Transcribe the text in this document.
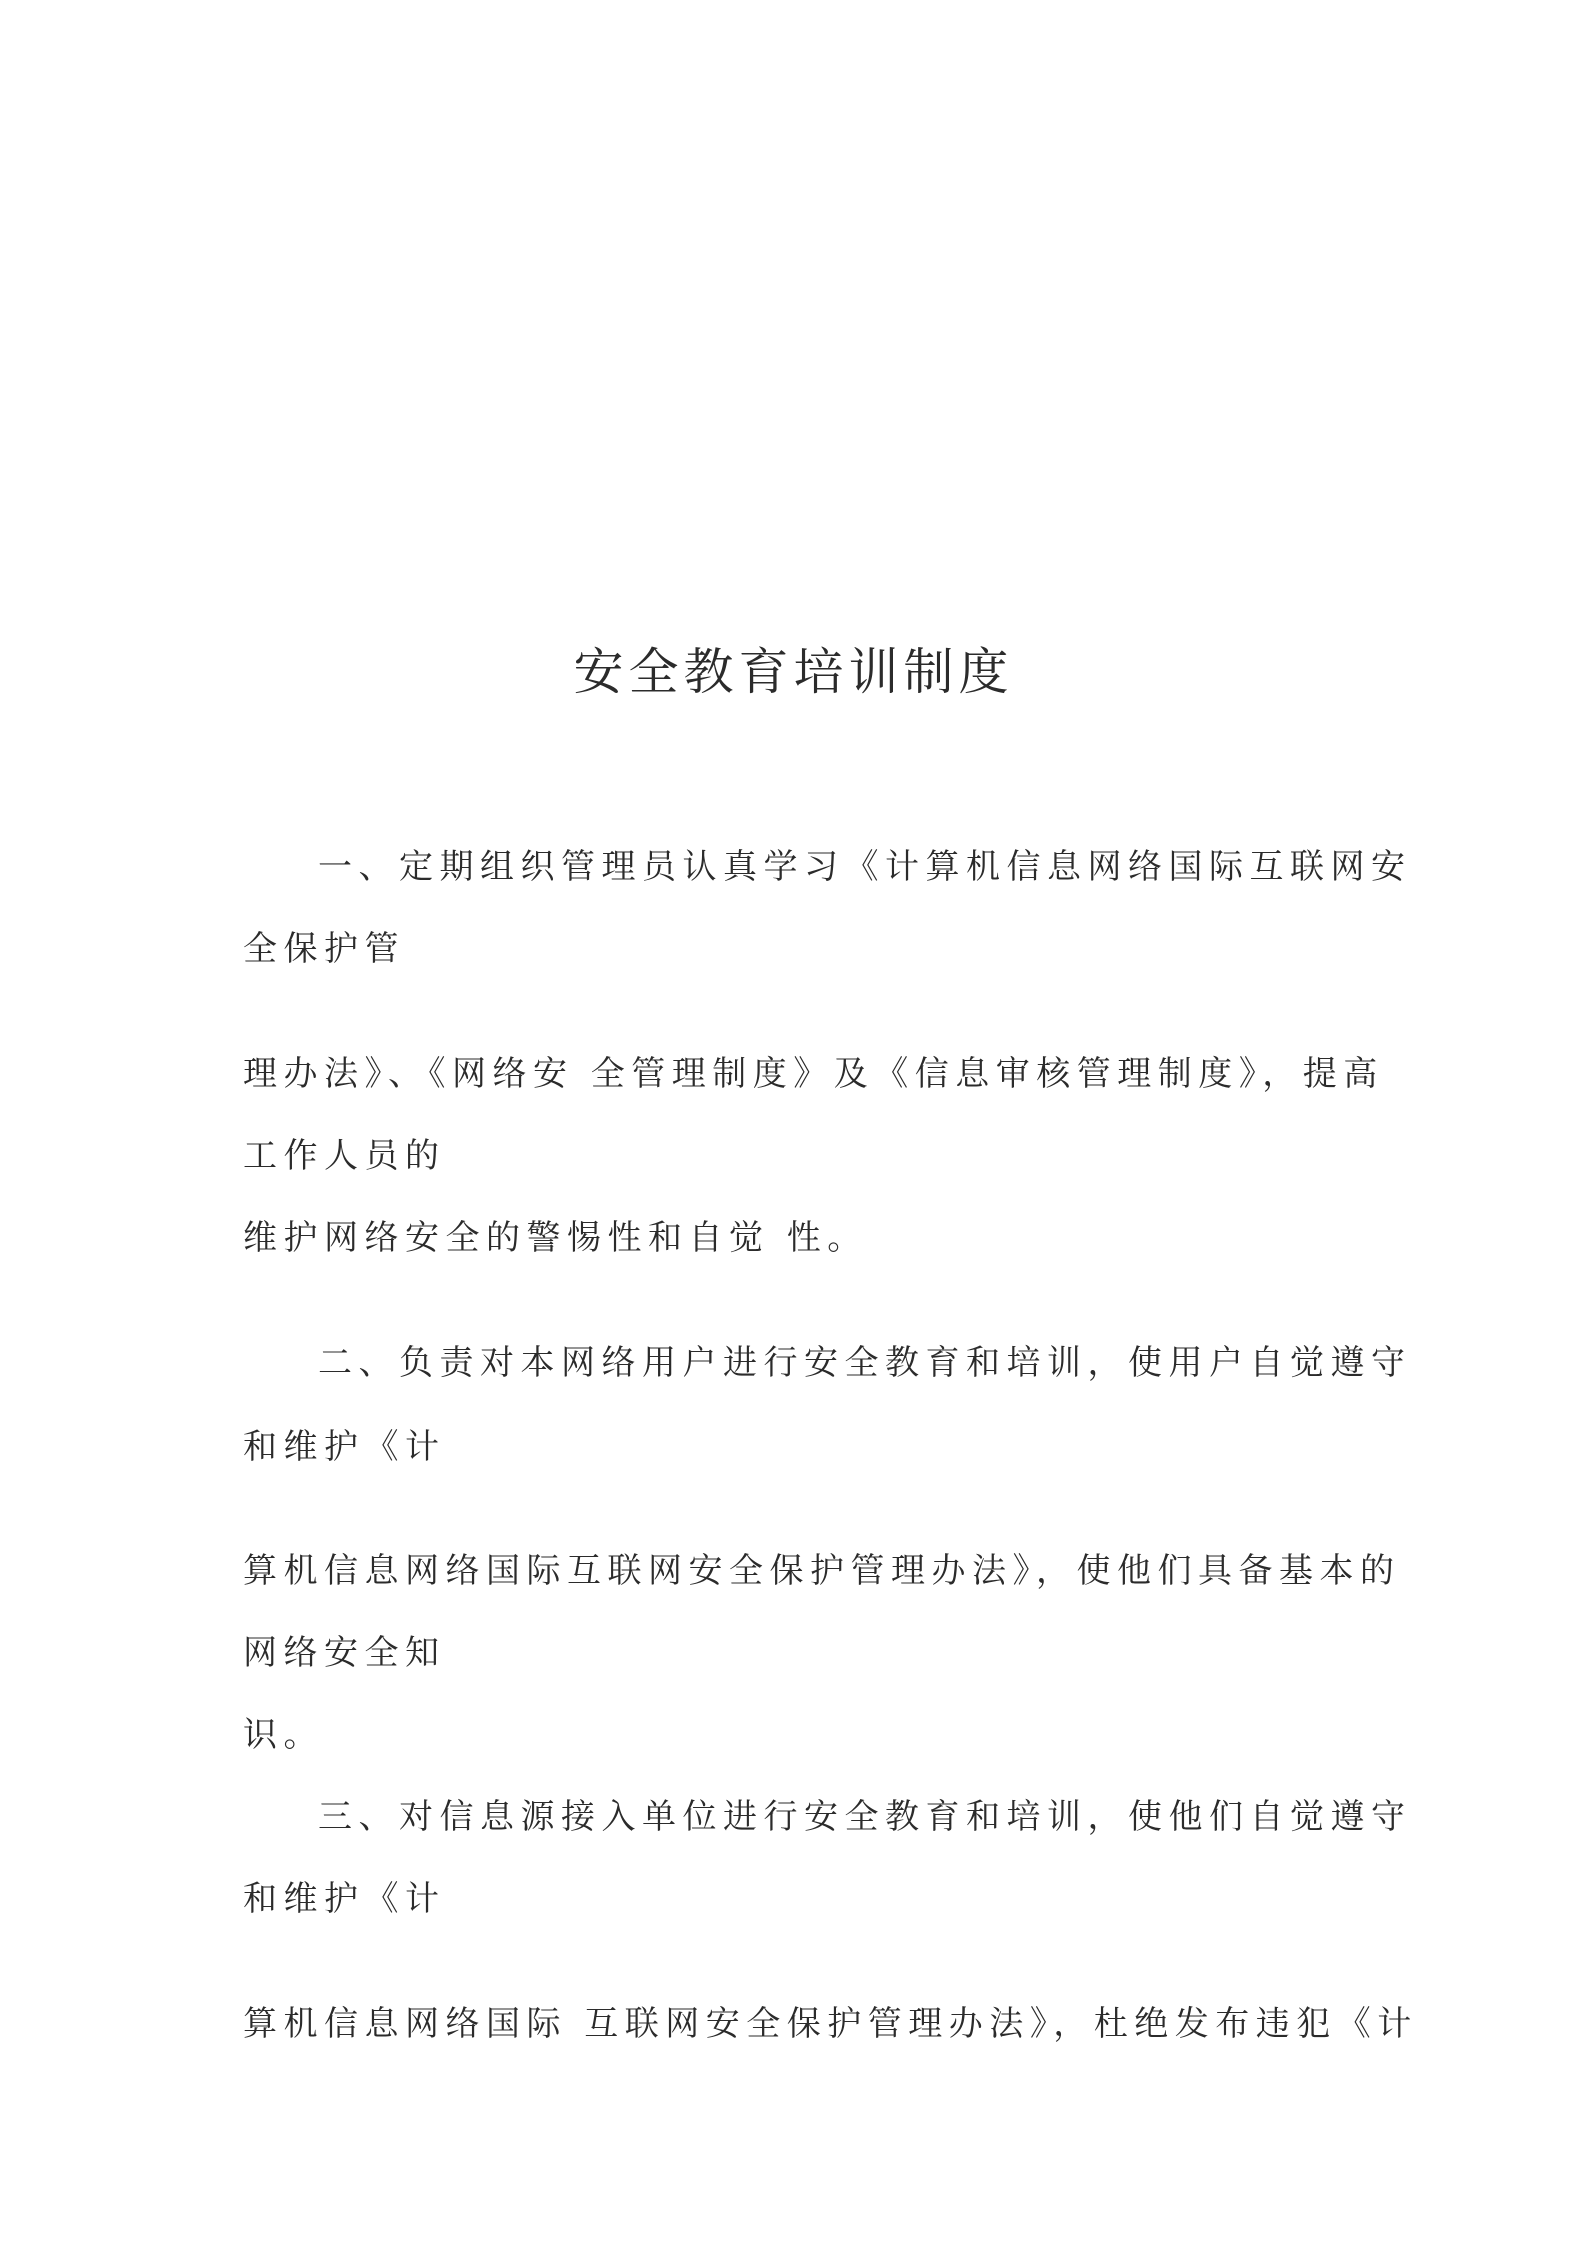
安全教育培训制度
一、定期组织管理员认真学习《计算机信息网络国际互联网安
全保护管
理办法》、《网络安 全管理制度》及《信息审核管理制度》，提高
工作人员的
维护网络安全的警惕性和自觉 性。
二、负责对本网络用户进行安全教育和培训，使用户自觉遵守
和维护《计
算机信息网络国际互联网安全保护管理办法》，使他们具备基本的
网络安全知
识。
三、对信息源接入单位进行安全教育和培训，使他们自觉遵守
和维护《计
算机信息网络国际 互联网安全保护管理办法》，杜绝发布违犯《计
